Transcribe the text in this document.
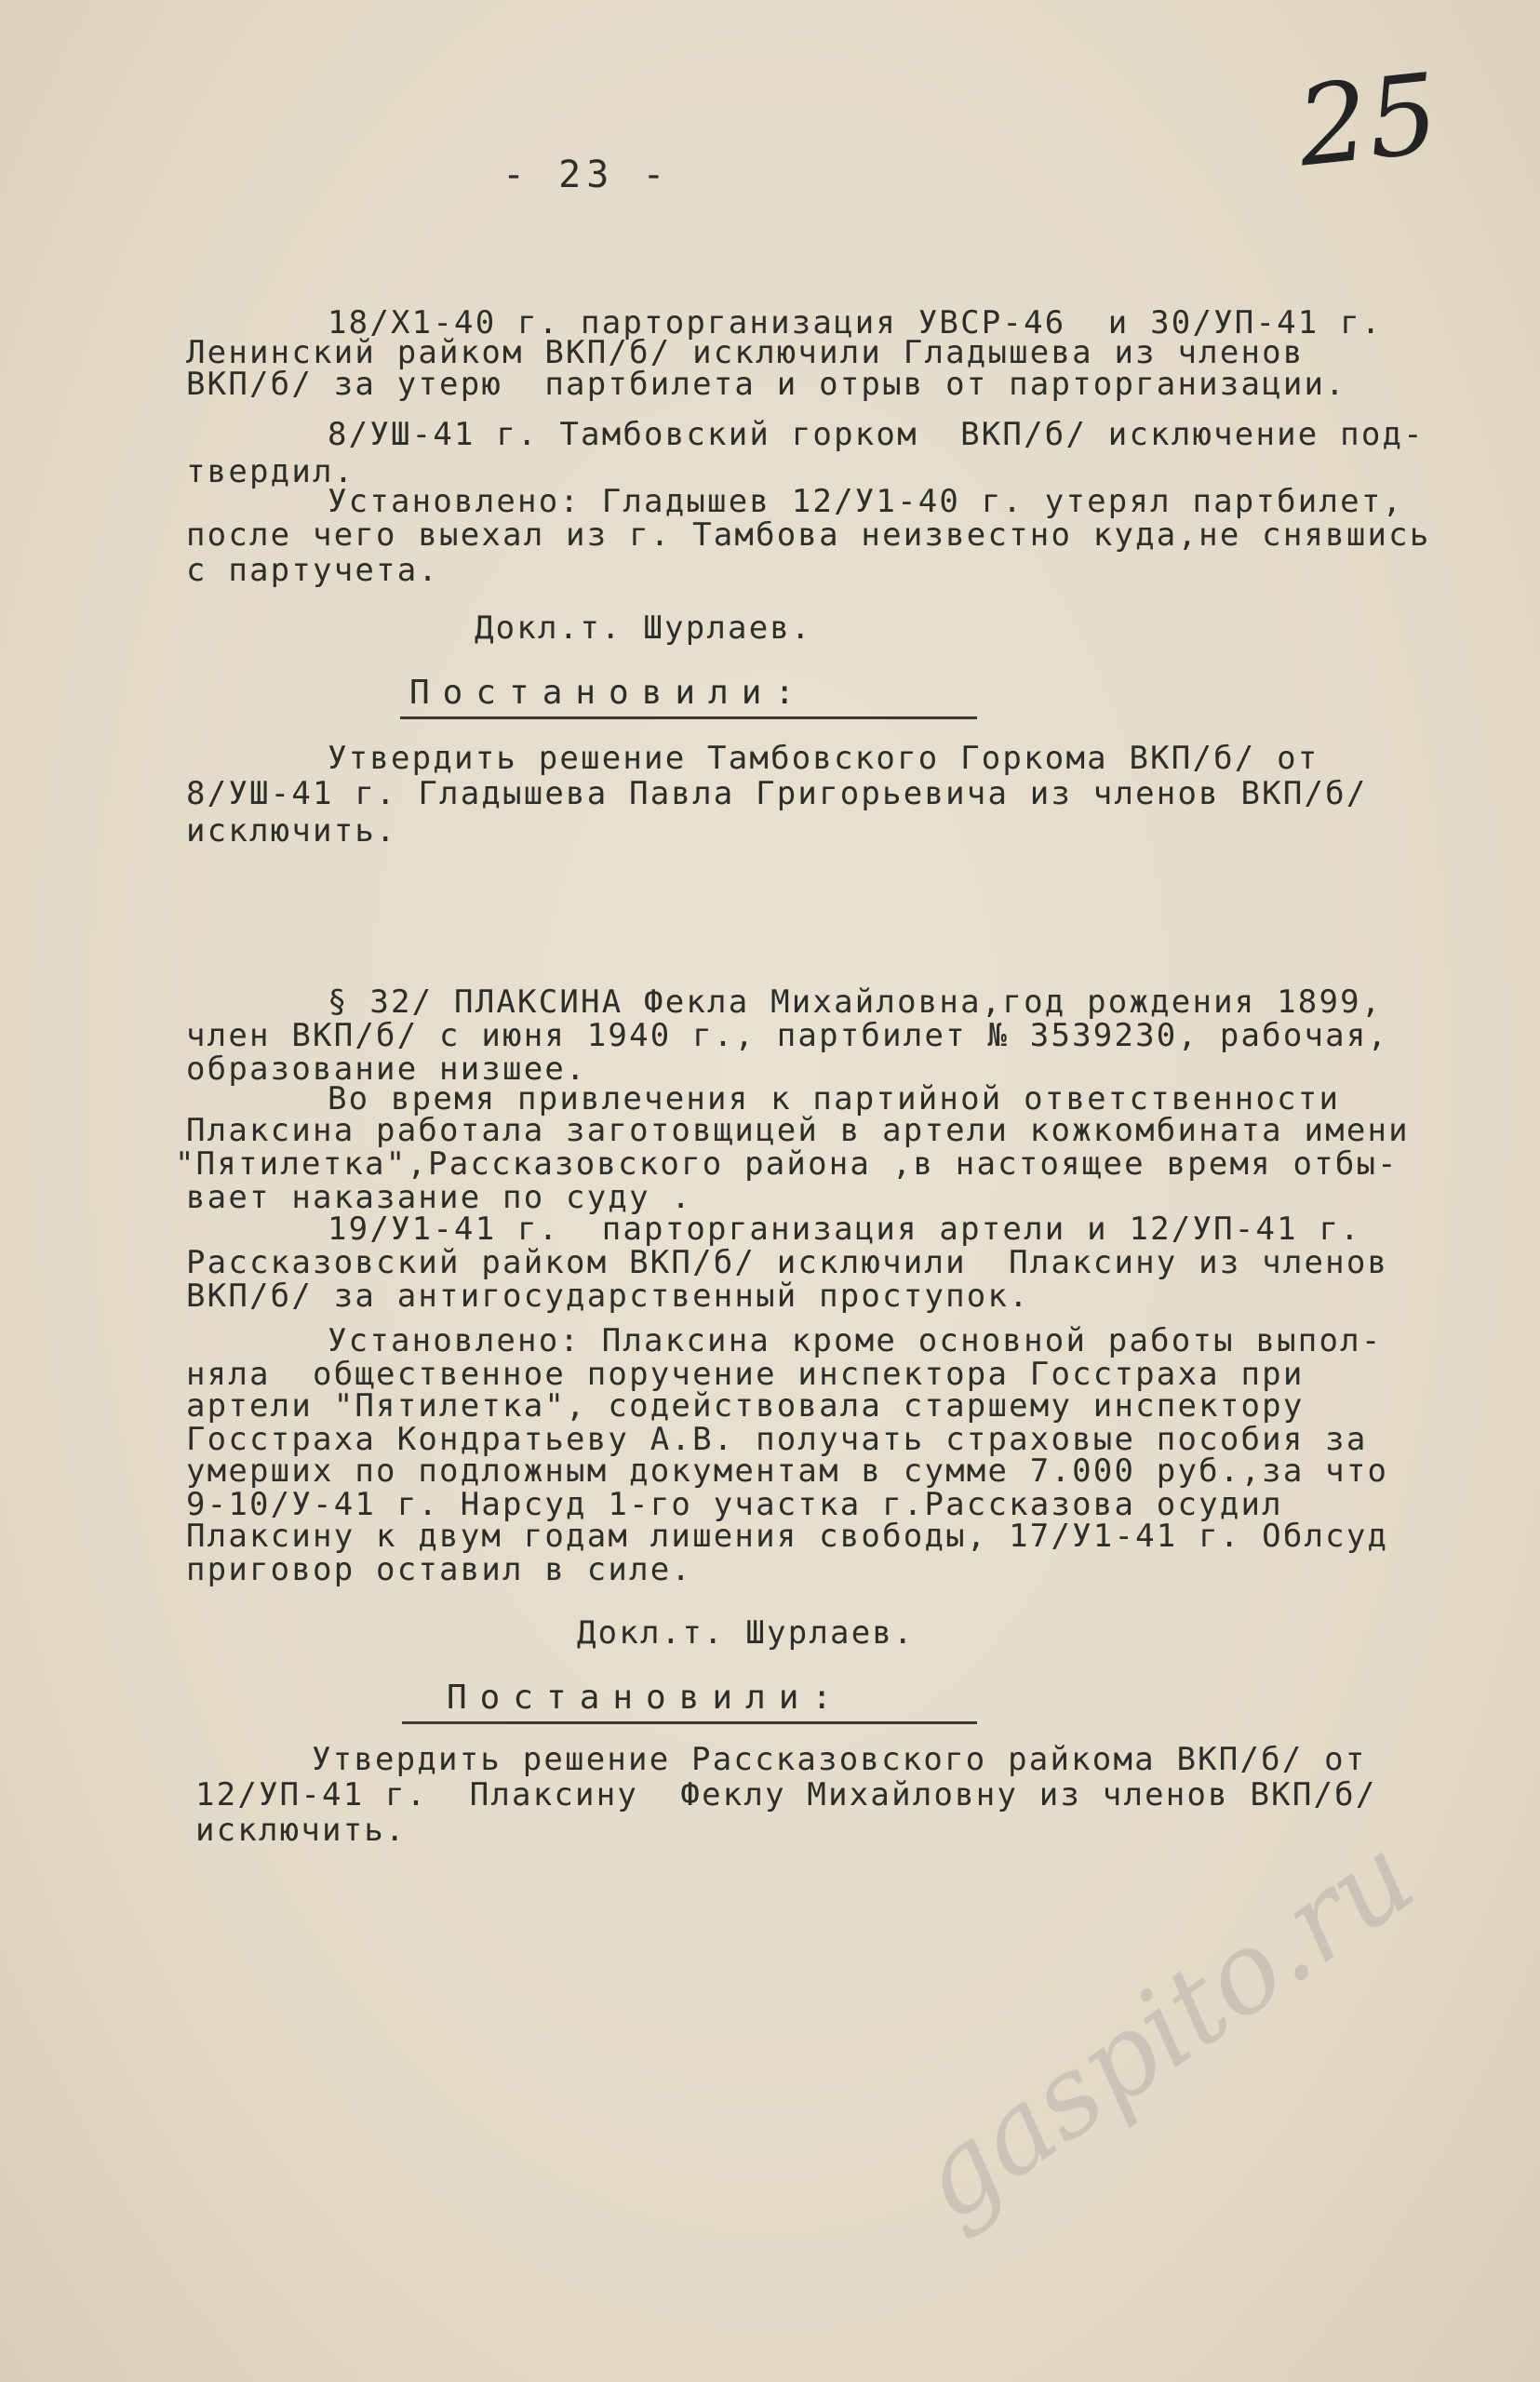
- 23 -	25
18/Х1-40 г. парторганизация УВСР-46  и 30/УП-41 г.
Ленинский райком ВКП/б/ исключили Гладышева из членов
ВКП/б/ за утерю  партбилета и отрыв от парторганизации.
8/УШ-41 г. Тамбовский горком  ВКП/б/ исключение под-
твердил.
Установлено: Гладышев 12/У1-40 г. утерял партбилет,
после чего выехал из г. Тамбова неизвестно куда,не снявшись
с партучета.
Докл.т. Шурлаев.
Постановили:
Утвердить решение Тамбовского Горкома ВКП/б/ от
8/УШ-41 г. Гладышева Павла Григорьевича из членов ВКП/б/
исключить.
§ 32/ ПЛАКСИНА Фекла Михайловна,год рождения 1899,
член ВКП/б/ с июня 1940 г., партбилет № 3539230, рабочая,
образование низшее.
Во время привлечения к партийной ответственности
Плаксина работала заготовщицей в артели кожкомбината имени
"Пятилетка",Рассказовского района ,в настоящее время отбы-
вает наказание по суду .
19/У1-41 г.  парторганизация артели и 12/УП-41 г.
Рассказовский райком ВКП/б/ исключили  Плаксину из членов
ВКП/б/ за антигосударственный проступок.
Установлено: Плаксина кроме основной работы выпол-
няла  общественное поручение инспектора Госстраха при
артели "Пятилетка", содействовала старшему инспектору
Госстраха Кондратьеву А.В. получать страховые пособия за
умерших по подложным документам в сумме 7.000 руб.,за что
9-10/У-41 г. Нарсуд 1-го участка г.Рассказова осудил
Плаксину к двум годам лишения свободы, 17/У1-41 г. Облсуд
приговор оставил в силе.
Докл.т. Шурлаев.
Постановили:
Утвердить решение Рассказовского райкома ВКП/б/ от
12/УП-41 г.  Плаксину  Феклу Михайловну из членов ВКП/б/
исключить.	gaspito.ru
